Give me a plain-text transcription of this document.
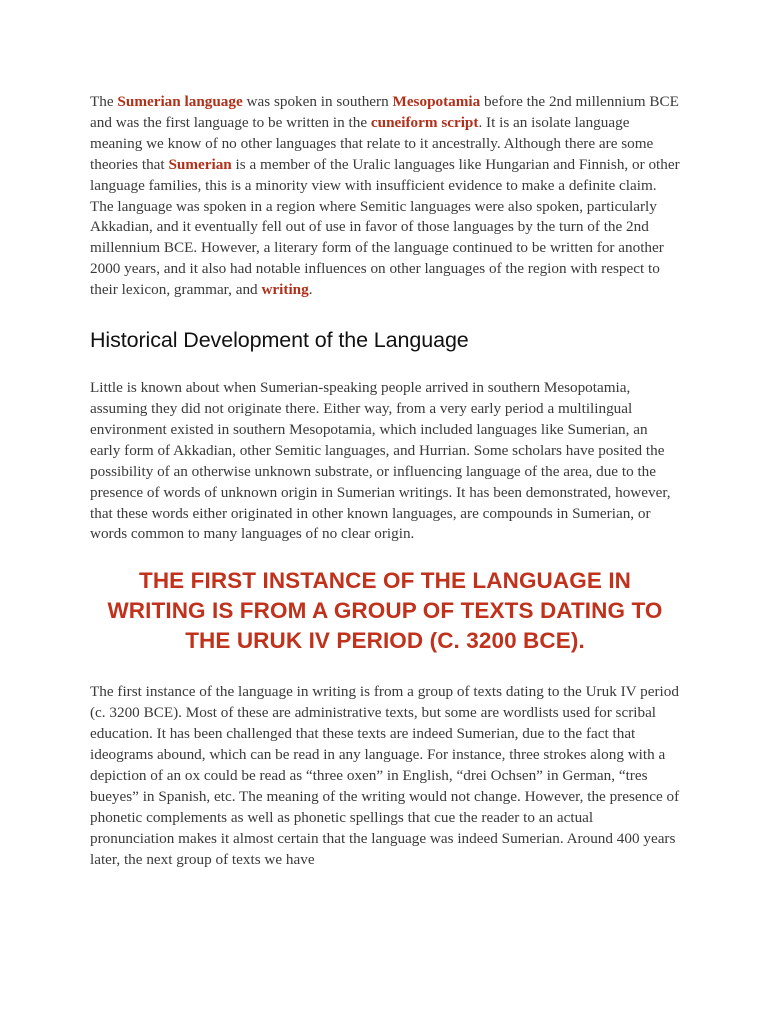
The Sumerian language was spoken in southern Mesopotamia before the 2nd millennium BCE and was the first language to be written in the cuneiform script. It is an isolate language meaning we know of no other languages that relate to it ancestrally. Although there are some theories that Sumerian is a member of the Uralic languages like Hungarian and Finnish, or other language families, this is a minority view with insufficient evidence to make a definite claim. The language was spoken in a region where Semitic languages were also spoken, particularly Akkadian, and it eventually fell out of use in favor of those languages by the turn of the 2nd millennium BCE. However, a literary form of the language continued to be written for another 2000 years, and it also had notable influences on other languages of the region with respect to their lexicon, grammar, and writing.

Historical Development of the Language

Little is known about when Sumerian-speaking people arrived in southern Mesopotamia, assuming they did not originate there. Either way, from a very early period a multilingual environment existed in southern Mesopotamia, which included languages like Sumerian, an early form of Akkadian, other Semitic languages, and Hurrian. Some scholars have posited the possibility of an otherwise unknown substrate, or influencing language of the area, due to the presence of words of unknown origin in Sumerian writings. It has been demonstrated, however, that these words either originated in other known languages, are compounds in Sumerian, or words common to many languages of no clear origin.

THE FIRST INSTANCE OF THE LANGUAGE IN WRITING IS FROM A GROUP OF TEXTS DATING TO THE URUK IV PERIOD (C. 3200 BCE).

The first instance of the language in writing is from a group of texts dating to the Uruk IV period (c. 3200 BCE). Most of these are administrative texts, but some are wordlists used for scribal education. It has been challenged that these texts are indeed Sumerian, due to the fact that ideograms abound, which can be read in any language. For instance, three strokes along with a depiction of an ox could be read as “three oxen” in English, “drei Ochsen” in German, “tres bueyes” in Spanish, etc. The meaning of the writing would not change. However, the presence of phonetic complements as well as phonetic spellings that cue the reader to an actual pronunciation makes it almost certain that the language was indeed Sumerian. Around 400 years later, the next group of texts we have
